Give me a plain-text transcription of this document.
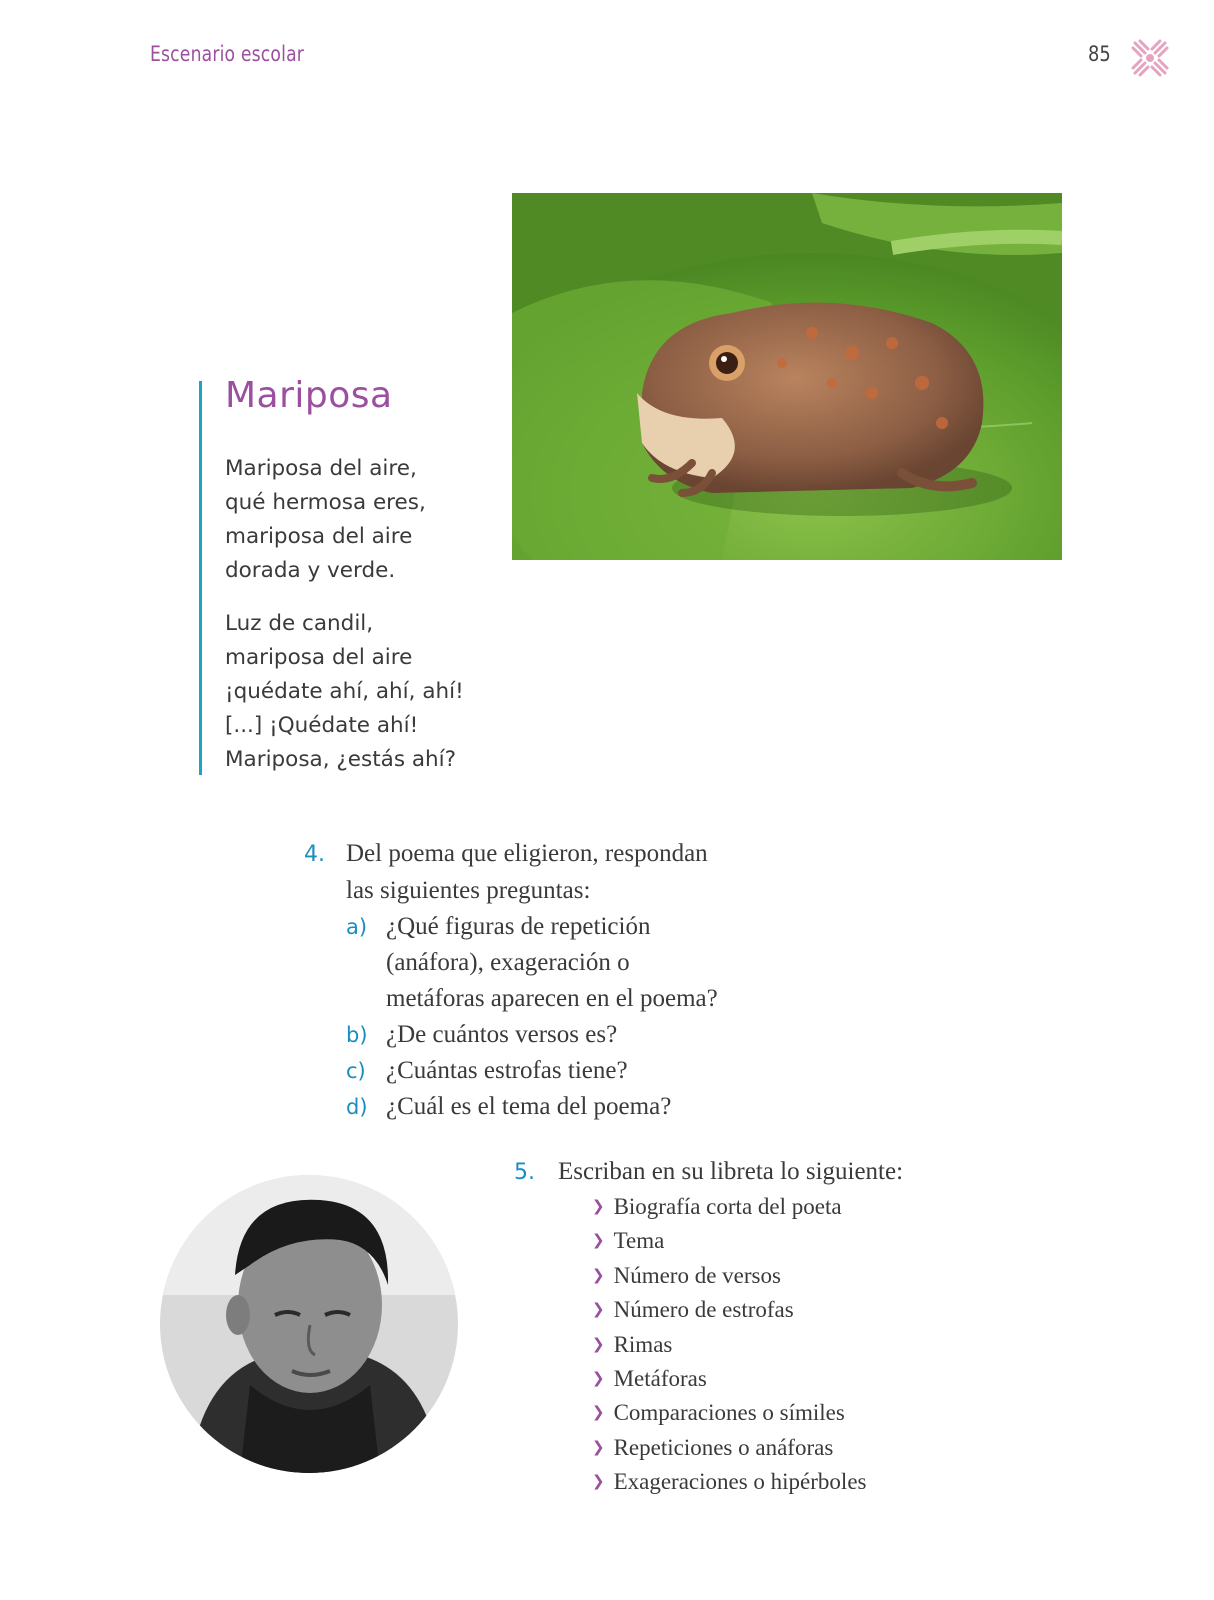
Escenario escolar	85
Mariposa
Mariposa del aire,
qué hermosa eres,
mariposa del aire
dorada y verde.
Luz de candil,
mariposa del aire
¡quédate ahí, ahí, ahí!
[...] ¡Quédate ahí!
Mariposa, ¿estás ahí?
4. Del poema que eligieron, respondan
las siguientes preguntas:
a) ¿Qué figuras de repetición
(anáfora), exageración o
metáforas aparecen en el poema?
b) ¿De cuántos versos es?
c) ¿Cuántas estrofas tiene?
d) ¿Cuál es el tema del poema?
5. Escriban en su libreta lo siguiente:
❯ Biografía corta del poeta
❯ Tema
❯ Número de versos
❯ Número de estrofas
❯ Rimas
❯ Metáforas
❯ Comparaciones o símiles
❯ Repeticiones o anáforas
❯ Exageraciones o hipérboles
